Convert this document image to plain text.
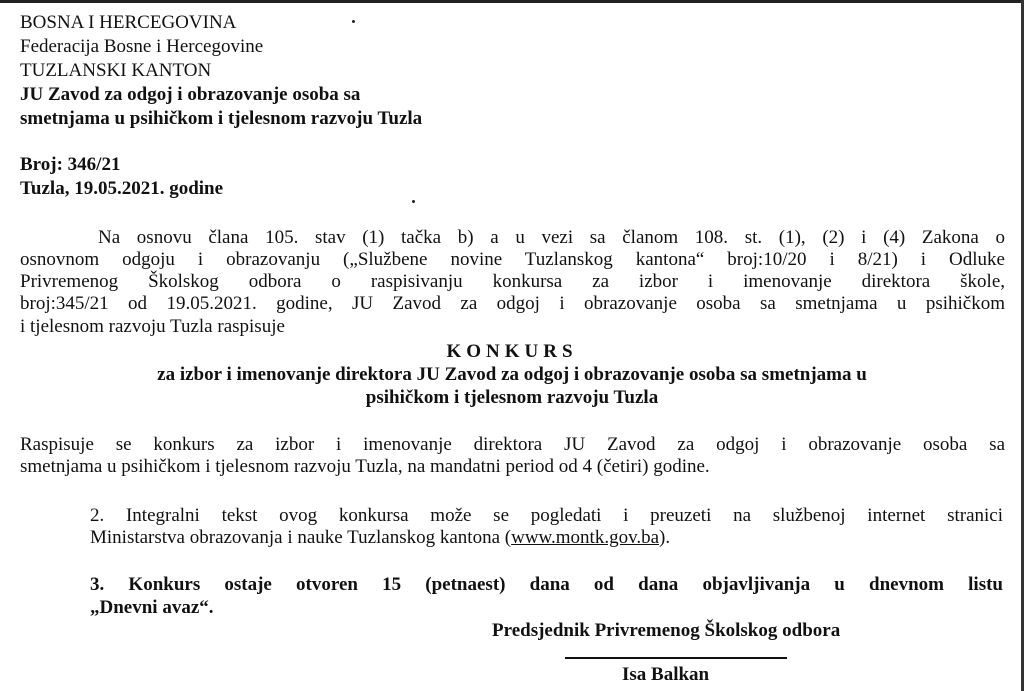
BOSNA I HERCEGOVINA
Federacija Bosne i Hercegovine
TUZLANSKI KANTON
JU Zavod za odgoj i obrazovanje osoba sa
smetnjama u psihičkom i tjelesnom razvoju Tuzla
Broj: 346/21
Tuzla, 19.05.2021. godine
Na osnovu člana 105. stav (1) tačka b) a u vezi sa članom 108. st. (1), (2) i (4) Zakona o
osnovnom odgoju i obrazovanju („Službene novine Tuzlanskog kantona“ broj:10/20 i 8/21) i Odluke
Privremenog Školskog odbora o raspisivanju konkursa za izbor i imenovanje direktora škole,
broj:345/21 od 19.05.2021. godine, JU Zavod za odgoj i obrazovanje osoba sa smetnjama u psihičkom
i tjelesnom razvoju Tuzla raspisuje
KONKURS
za izbor i imenovanje direktora JU Zavod za odgoj i obrazovanje osoba sa smetnjama u
psihičkom i tjelesnom razvoju Tuzla
Raspisuje se konkurs za izbor i imenovanje direktora JU Zavod za odgoj i obrazovanje osoba sa
smetnjama u psihičkom i tjelesnom razvoju Tuzla, na mandatni period od 4 (četiri) godine.
2. Integralni tekst ovog konkursa može se pogledati i preuzeti na službenoj internet stranici
Ministarstva obrazovanja i nauke Tuzlanskog kantona (www.montk.gov.ba).
3. Konkurs ostaje otvoren 15 (petnaest) dana od dana objavljivanja u dnevnom listu
„Dnevni avaz“.
Predsjednik Privremenog Školskog odbora
Isa Balkan
